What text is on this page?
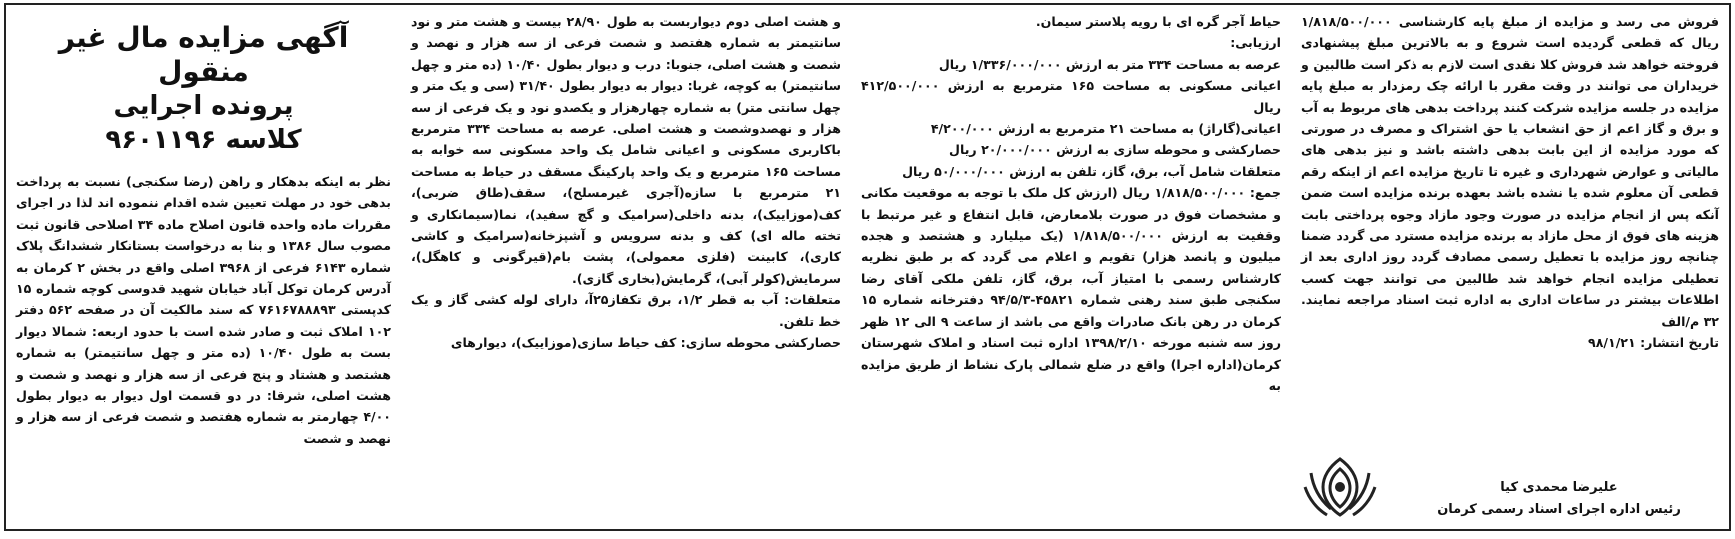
آگهی مزایده مال غیر منقول
پرونده اجرایی
کلاسه ۹۶۰۱۱۹۶

نظر به اینکه بدهکار و راهن (رضا سکنجی) نسبت به پرداخت بدهی خود در مهلت تعیین شده اقدام ننموده اند لذا در اجرای مقررات ماده واحده قانون اصلاح ماده ۳۴ اصلاحی قانون ثبت مصوب سال ۱۳۸۶ و بنا به درخواست بستانکار ششدانگ پلاک شماره ۶۱۴۳ فرعی از ۳۹۶۸ اصلی واقع در بخش ۲ کرمان به آدرس کرمان توکل آباد خیابان شهید قدوسی کوچه شماره ۱۵ کدپستی ۷۶۱۶۷۸۸۸۹۳ که سند مالکیت آن در صفحه ۵۶۲ دفتر ۱۰۲ املاک ثبت و صادر شده است با حدود اربعه: شمالا دیوار بست به طول ۱۰/۴۰ (ده متر و چهل سانتیمتر) به شماره هشتصد و هشتاد و پنج فرعی از سه هزار و نهصد و شصت و هشت اصلی، شرقا: در دو قسمت اول دیوار به دیوار بطول ۴/۰۰ چهارمتر به شماره هفتصد و شصت فرعی از سه هزار و نهصد و شصت

و هشت اصلی دوم دیواربست به طول ۲۸/۹۰ بیست و هشت متر و نود سانتیمتر به شماره هفتصد و شصت فرعی از سه هزار و نهصد و شصت و هشت اصلی، جنوبا: درب و دیوار بطول ۱۰/۴۰ (ده متر و چهل سانتیمتر) به کوچه، غربا: دیوار به دیوار بطول ۳۱/۴۰ (سی و یک متر و چهل سانتی متر) به شماره چهارهزار و یکصدو نود و یک فرعی از سه هزار و نهصدوشصت و هشت اصلی. عرصه به مساحت ۳۳۴ مترمربع باکاربری مسکونی و اعیانی شامل یک واحد مسکونی سه خوابه به مساحت ۱۶۵ مترمربع و یک واحد پارکینگ مسقف در حیاط به مساحت ۲۱ مترمربع با سازه(آجری غیرمسلح)، سقف(طاق ضربی)، کف(موزاییک)، بدنه داخلی(سرامیک و گچ سفید)، نما(سیمانکاری و تخته ماله ای) کف و بدنه سرویس و آشپزخانه(سرامیک و کاشی کاری)، کابینت (فلزی معمولی)، پشت بام(قیرگونی و کاهگل)، سرمایش(کولر آبی)، گرمایش(بخاری گازی).

متعلقات: آب به قطر ۱/۲، برق تکفاز۲۵آ، دارای لوله کشی گاز و یک خط تلفن.

حصارکشی محوطه سازی: کف حیاط سازی(موزاییک)، دیوارهای

حیاط آجر گره ای با رویه پلاستر سیمان.

ارزیابی:

عرصه به مساحت ۳۳۴ متر به ارزش ۱/۳۳۶/۰۰۰/۰۰۰ ریال
اعیانی مسکونی به مساحت ۱۶۵ مترمربع به ارزش ۴۱۲/۵۰۰/۰۰۰ ریال
اعیانی(گاراژ) به مساحت ۲۱ مترمربع به ارزش ۴/۲۰۰/۰۰۰
حصارکشی و محوطه سازی به ارزش ۲۰/۰۰۰/۰۰۰ ریال
متعلقات شامل آب، برق، گاز، تلفن به ارزش ۵۰/۰۰۰/۰۰۰ ریال

جمع: ۱/۸۱۸/۵۰۰/۰۰۰ ریال (ارزش کل ملک با توجه به موقعیت مکانی و مشخصات فوق در صورت بلامعارض، قابل انتفاع و غیر مرتبط با وقفیت به ارزش ۱/۸۱۸/۵۰۰/۰۰۰ (یک میلیارد و هشتصد و هجده میلیون و پانصد هزار) تقویم و اعلام می گردد که بر طبق نظریه کارشناس رسمی با امتیاز آب، برق، گاز، تلفن ملکی آقای رضا سکنجی طبق سند رهنی شماره ۴۵۸۲۱-۹۴/۵/۳ دفترخانه شماره ۱۵ کرمان در رهن بانک صادرات واقع می باشد از ساعت ۹ الی ۱۲ ظهر روز سه شنبه مورخه ۱۳۹۸/۲/۱۰ اداره ثبت اسناد و املاک شهرستان کرمان(اداره اجرا) واقع در ضلع شمالی پارک نشاط از طریق مزایده به

فروش می رسد و مزایده از مبلغ پایه کارشناسی ۱/۸۱۸/۵۰۰/۰۰۰ ریال که قطعی گردیده است شروع و به بالاترین مبلغ پیشنهادی فروخته خواهد شد فروش کلا نقدی است لازم به ذکر است طالبین و خریداران می توانند در وقت مقرر با ارائه چک رمزدار به مبلغ پایه مزایده در جلسه مزایده شرکت کنند پرداخت بدهی های مربوط به آب و برق و گاز اعم از حق انشعاب یا حق اشتراک و مصرف در صورتی که مورد مزایده از این بابت بدهی داشته باشد و نیز بدهی های مالیاتی و عوارض شهرداری و غیره تا تاریخ مزایده اعم از اینکه رقم قطعی آن معلوم شده یا نشده باشد بعهده برنده مزایده است ضمن آنکه پس از انجام مزایده در صورت وجود مازاد وجوه پرداختی بابت هزینه های فوق از محل مازاد به برنده مزایده مسترد می گردد ضمنا چنانچه روز مزایده با تعطیل رسمی مصادف گردد روز اداری بعد از تعطیلی مزایده انجام خواهد شد طالبین می توانند جهت کسب اطلاعات بیشتر در ساعات اداری به اداره ثبت اسناد مراجعه نمایند. ۳۲ م/الف

تاریخ انتشار: ۹۸/۱/۲۱

علیرضا محمدی کیا
رئیس اداره اجرای اسناد رسمی کرمان
